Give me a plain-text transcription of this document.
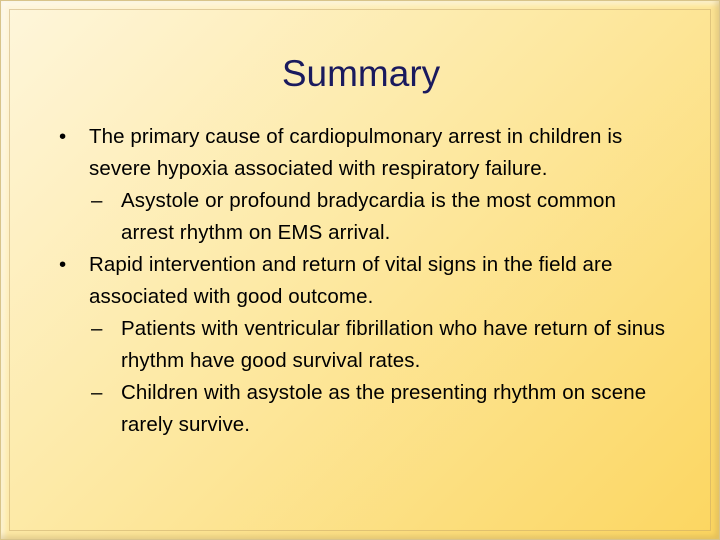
Summary
• The primary cause of cardiopulmonary arrest in children is severe hypoxia associated with respiratory failure.
– Asystole or profound bradycardia is the most common arrest rhythm on EMS arrival.
• Rapid intervention and return of vital signs in the field are associated with good outcome.
– Patients with ventricular fibrillation who have return of sinus rhythm have good survival rates.
– Children with asystole as the presenting rhythm on scene rarely survive.
